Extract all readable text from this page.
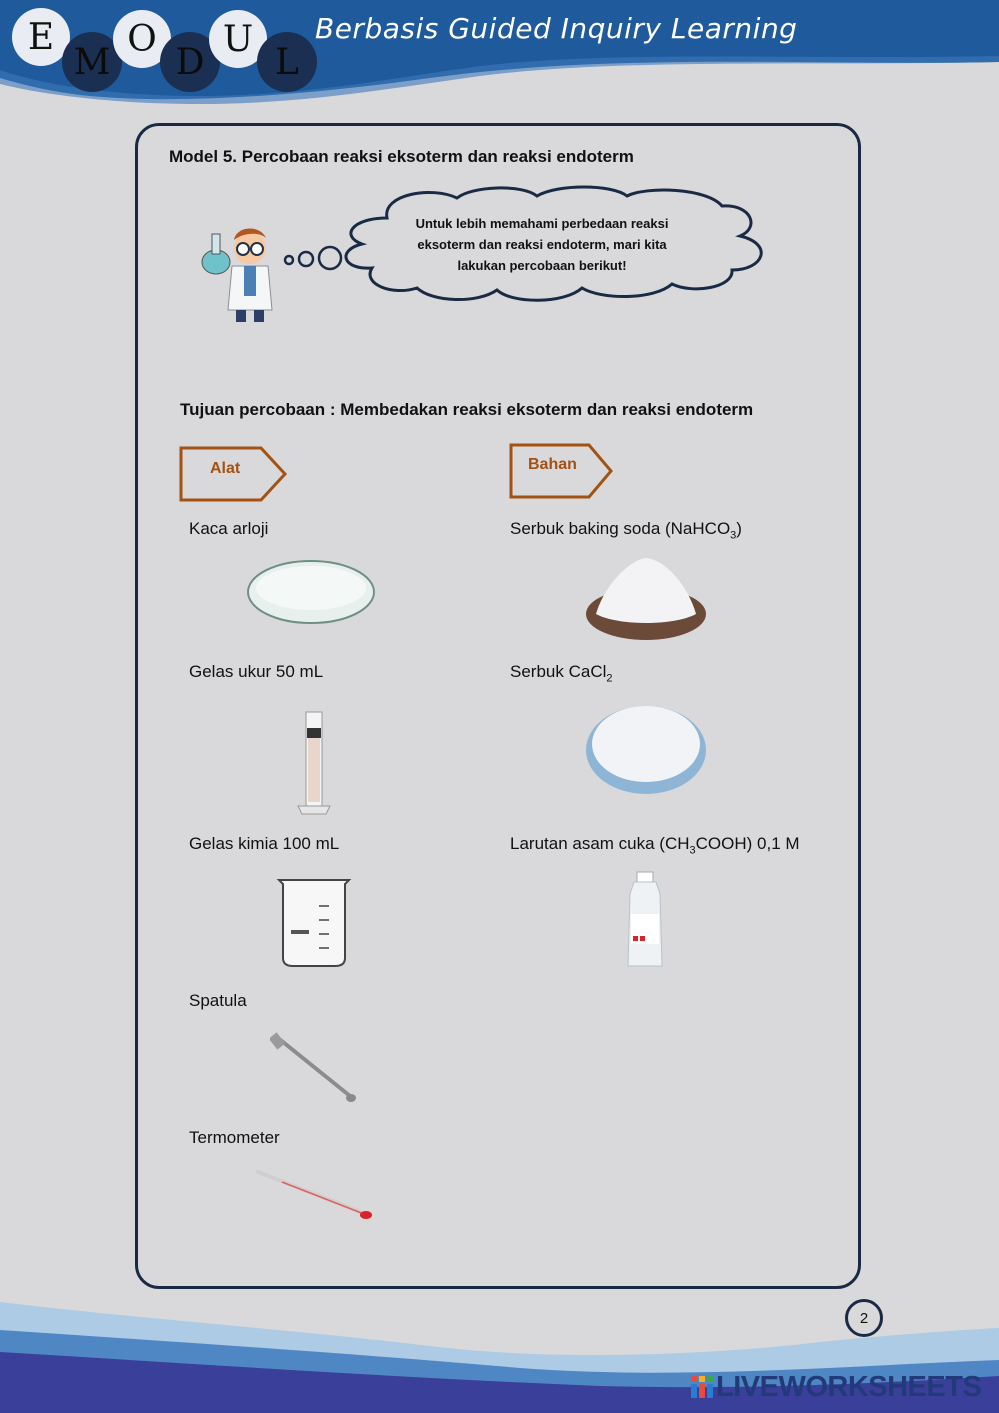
E
M
O
D
U
L
Berbasis Guided Inquiry Learning
Model 5. Percobaan reaksi eksoterm dan reaksi endoterm
Untuk lebih memahami perbedaan reaksi eksoterm dan reaksi endoterm, mari kita lakukan percobaan berikut!
Tujuan percobaan : Membedakan reaksi eksoterm dan reaksi endoterm
Alat	Bahan
Kaca arloji
Gelas ukur 50 mL
Gelas kimia 100 mL
Spatula
Termometer
Serbuk baking soda (NaHCO$_3$)
Serbuk CaCl$_2$
Larutan asam cuka $(CH_3COOH)$ 0,1 M
2
LIVEWORKSHEETS
